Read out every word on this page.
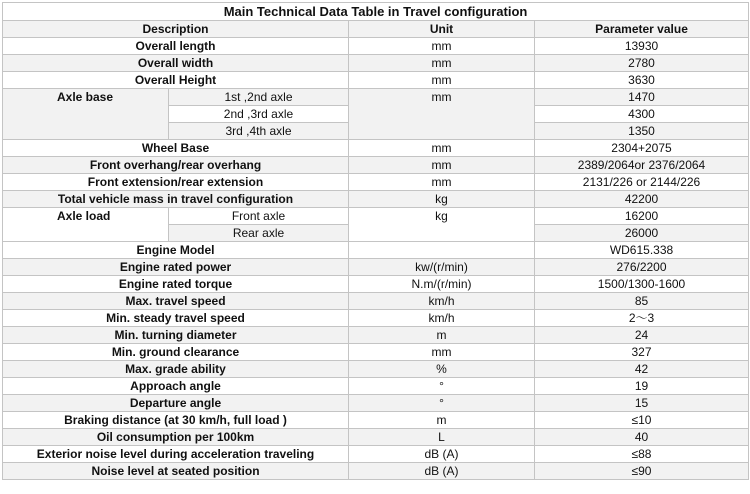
Main Technical Data Table in Travel configuration			
Description		Unit	Parameter value
Overall length		mm	13930
Overall width		mm	2780
Overall Height		mm	3630
Axle base	1st ,2nd axle	mm	1470
	2nd ,3rd axle		4300
	3rd ,4th axle		1350
Wheel Base		mm	2304+2075
Front overhang/rear overhang		mm	2389/2064or 2376/2064
Front extension/rear extension		mm	2131/226 or 2144/226
Total vehicle mass in travel configuration		kg	42200
Axle load	Front axle	kg	16200
	Rear axle		26000
Engine Model			WD615.338
Engine rated power		kw/(r/min)	276/2200
Engine rated torque		N.m/(r/min)	1500/1300-1600
Max. travel speed		km/h	85
Min. steady travel speed		km/h	2～3
Min. turning diameter		m	24
Min. ground clearance		mm	327
Max. grade ability		%	42
Approach angle		°	19
Departure angle		°	15
Braking distance (at 30 km/h, full load )		m	≤10
Oil consumption per 100km		L	40
Exterior noise level during acceleration traveling		dB (A)	≤88
Noise level at seated position		dB (A)	≤90
